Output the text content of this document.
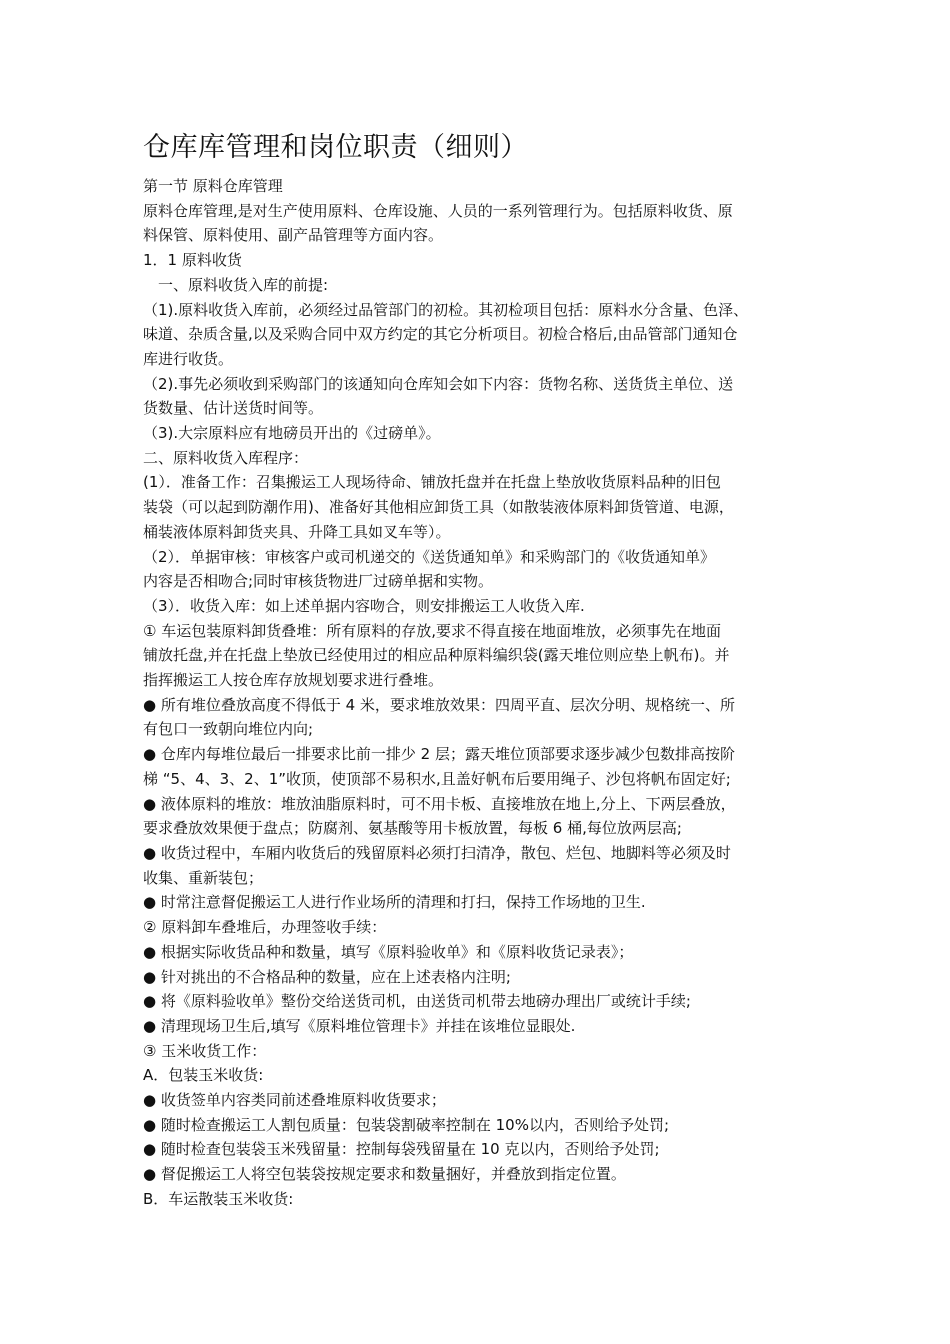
仓库库管理和岗位职责（细则）

第一节 原料仓库管理

原料仓库管理,是对生产使用原料、仓库设施、人员的一系列管理行为。包括原料收货、原

料保管、原料使用、副产品管理等方面内容。

1．1 原料收货

一、原料收货入库的前提:

（1).原料收货入库前，必须经过品管部门的初检。其初检项目包括：原料水分含量、色泽、

味道、杂质含量,以及采购合同中双方约定的其它分析项目。初检合格后,由品管部门通知仓

库进行收货。

（2).事先必须收到采购部门的该通知向仓库知会如下内容：货物名称、送货货主单位、送

货数量、估计送货时间等。

（3).大宗原料应有地磅员开出的《过磅单》。

二、原料收货入库程序：

(1）．准备工作：召集搬运工人现场待命、铺放托盘并在托盘上垫放收货原料品种的旧包

装袋（可以起到防潮作用)、准备好其他相应卸货工具（如散装液体原料卸货管道、电源，

桶装液体原料卸货夹具、升降工具如叉车等）。

（2）．单据审核：审核客户或司机递交的《送货通知单》和采购部门的《收货通知单》

内容是否相吻合;同时审核货物进厂过磅单据和实物。

（3）．收货入库：如上述单据内容吻合，则安排搬运工人收货入库.

① 车运包装原料卸货叠堆：所有原料的存放,要求不得直接在地面堆放，必须事先在地面

铺放托盘,并在托盘上垫放已经使用过的相应品种原料编织袋(露天堆位则应垫上帆布)。并

指挥搬运工人按仓库存放规划要求进行叠堆。

● 所有堆位叠放高度不得低于 4 米，要求堆放效果：四周平直、层次分明、规格统一、所

有包口一致朝向堆位内向;

● 仓库内每堆位最后一排要求比前一排少 2 层；露天堆位顶部要求逐步减少包数排高按阶

梯 “5、4、3、2、1”收顶，使顶部不易积水,且盖好帆布后要用绳子、沙包将帆布固定好;

● 液体原料的堆放：堆放油脂原料时，可不用卡板、直接堆放在地上,分上、下两层叠放，

要求叠放效果便于盘点；防腐剂、氨基酸等用卡板放置，每板 6 桶,每位放两层高;

● 收货过程中，车厢内收货后的残留原料必须打扫清净，散包、烂包、地脚料等必须及时

收集、重新装包；

● 时常注意督促搬运工人进行作业场所的清理和打扫，保持工作场地的卫生.

② 原料卸车叠堆后，办理签收手续：

● 根据实际收货品种和数量，填写《原料验收单》和《原料收货记录表》；

● 针对挑出的不合格品种的数量，应在上述表格内注明;

● 将《原料验收单》整份交给送货司机，由送货司机带去地磅办理出厂或统计手续;

● 清理现场卫生后,填写《原料堆位管理卡》并挂在该堆位显眼处.

③ 玉米收货工作：

A．包装玉米收货:

● 收货签单内容类同前述叠堆原料收货要求；

● 随时检查搬运工人割包质量：包装袋割破率控制在 10%以内，否则给予处罚;

● 随时检查包装袋玉米残留量：控制每袋残留量在 10 克以内，否则给予处罚;

● 督促搬运工人将空包装袋按规定要求和数量捆好，并叠放到指定位置。

B．车运散装玉米收货:
